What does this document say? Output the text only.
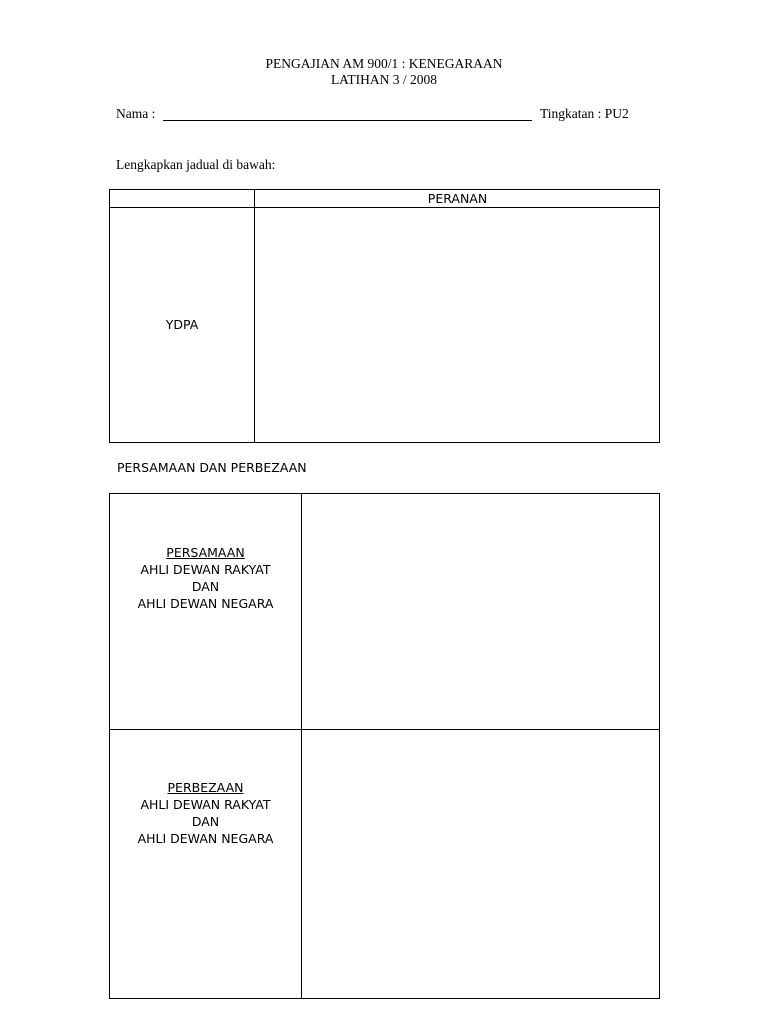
PENGAJIAN AM 900/1 : KENEGARAAN
LATIHAN 3 / 2008
Nama :	Tingkatan : PU2
Lengkapkan jadual di bawah:
PERANAN
YDPA
PERSAMAAN DAN PERBEZAAN
PERSAMAAN
AHLI DEWAN RAKYAT
DAN
AHLI DEWAN NEGARA
PERBEZAAN
AHLI DEWAN RAKYAT
DAN
AHLI DEWAN NEGARA
